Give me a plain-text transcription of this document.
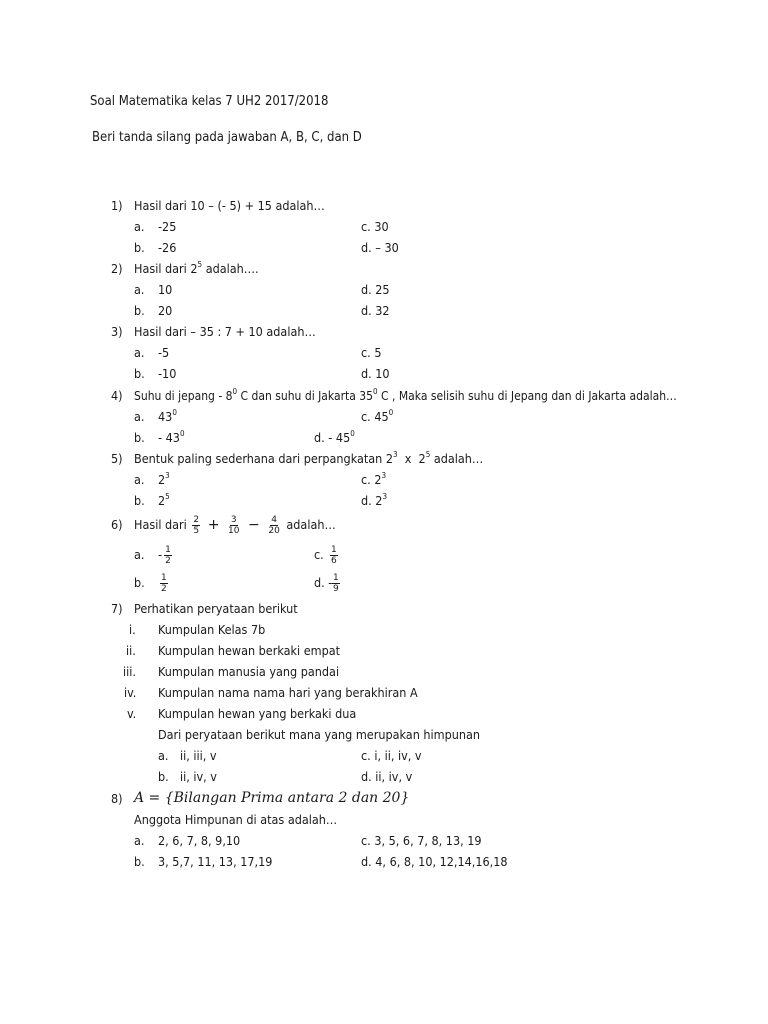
Soal Matematika kelas 7 UH2 2017/2018
Beri tanda silang pada jawaban A, B, C, dan D
1) Hasil dari 10 – (- 5) + 15 adalah…
a. -25	c. 30
b. -26	d. – 30
2) Hasil dari $2^5$ adalah….
a. 10	d. 25
b. 20	d. 32
3) Hasil dari – 35 : 7 + 10 adalah…
a. -5	c. 5
b. -10	d. 10
4) Suhu di jepang - $8^0$ C dan suhu di Jakarta $35^0$ C , Maka selisih suhu di Jepang dan di Jakarta adalah…
a. $43^0$	c. $45^0$
b. - $43^0$	d. - $45^0$
5) Bentuk paling sederhana dari perpangkatan $2^3$  x  $2^5$ adalah…
a. $2^3$	c. $2^3$
b. $2^5$	d. $2^3$
6) Hasil dari $\frac{2}{5} + \frac{3}{10} - \frac{4}{20}$ adalah…
a. - $\frac{1}{2}$	c. $\frac{1}{6}$
b. $\frac{1}{2}$	d. - $\frac{1}{9}$
7) Perhatikan peryataan berikut
i. Kumpulan Kelas 7b
ii. Kumpulan hewan berkaki empat
iii. Kumpulan manusia yang pandai
iv. Kumpulan nama nama hari yang berakhiran A
v. Kumpulan hewan yang berkaki dua
Dari peryataan berikut mana yang merupakan himpunan
a. ii, iii, v	c. i, ii, iv, v
b. ii, iv, v	d. ii, iv, v
8) A = {Bilangan Prima antara 2 dan 20}
Anggota Himpunan di atas adalah…
a. 2, 6, 7, 8, 9,10	c. 3, 5, 6, 7, 8, 13, 19
b. 3, 5,7, 11, 13, 17,19	d. 4, 6, 8, 10, 12,14,16,18
